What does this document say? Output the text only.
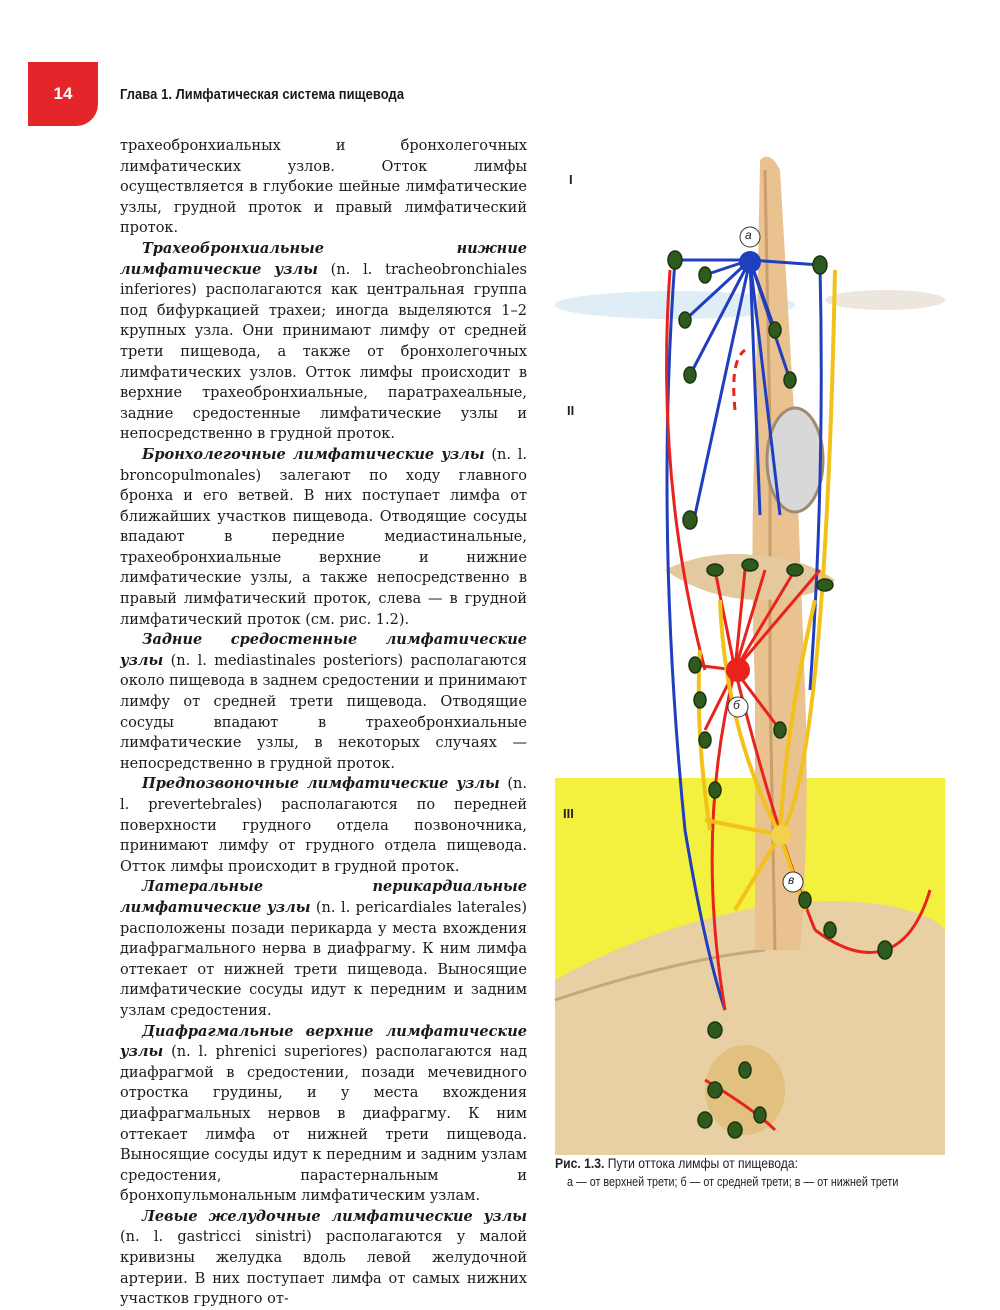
14	Глава 1. Лимфатическая система пищевода

трахеобронхиальных и бронхолегочных лимфатических узлов. Отток лимфы осуществляется в глубокие шейные лимфатические узлы, грудной проток и правый лимфатический проток.

Трахеобронхиальные нижние лимфатические узлы (n. l. tracheobronchiales inferiores) располагаются как центральная группа под бифуркацией трахеи; иногда выделяются 1–2 крупных узла. Они принимают лимфу от средней трети пищевода, а также от бронхолегочных лимфатических узлов. Отток лимфы происходит в верхние трахеобронхиальные, паратрахеальные, задние средостенные лимфатические узлы и непосредственно в грудной проток.

Бронхолегочные лимфатические узлы (n. l. broncopulmonales) залегают по ходу главного бронха и его ветвей. В них поступает лимфа от ближайших участков пищевода. Отводящие сосуды впадают в передние медиастинальные, трахеобронхиальные верхние и нижние лимфатические узлы, а также непосредственно в правый лимфатический проток, слева — в грудной лимфатический проток (см. рис. 1.2).

Задние средостенные лимфатические узлы (n. l. mediastinales posteriors) располагаются около пищевода в заднем средостении и принимают лимфу от средней трети пищевода. Отводящие сосуды впадают в трахеобронхиальные лимфатические узлы, в некоторых случаях — непосредственно в грудной проток.

Предпозвоночные лимфатические узлы (n. l. prevertebrales) располагаются по передней поверхности грудного отдела позвоночника, принимают лимфу от грудного отдела пищевода. Отток лимфы происходит в грудной проток.

Латеральные перикардиальные лимфатические узлы (n. l. pericardiales laterales) расположены позади перикарда у места вхождения диафрагмального нерва в диафрагму. К ним лимфа оттекает от нижней трети пищевода. Выносящие лимфатические сосуды идут к передним и задним узлам средостения.

Диафрагмальные верхние лимфатические узлы (n. l. phrenici superiores) располагаются над диафрагмой в средостении, позади мечевидного отростка грудины, и у места вхождения диафрагмальных нервов в диафрагму. К ним оттекает лимфа от нижней трети пищевода. Выносящие сосуды идут к передним и задним узлам средостения, парастернальным и бронхопульмональным лимфатическим узлам.

Левые желудочные лимфатические узлы (n. l. gastricci sinistri) располагаются у малой кривизны желудка вдоль левой желудочной артерии. В них поступает лимфа от самых нижних участков грудного от-

I
II
III
а
б
в
Рис. 1.3. Пути оттока лимфы от пищевода:
а — от верхней трети; б — от средней трети; в — от нижней трети
